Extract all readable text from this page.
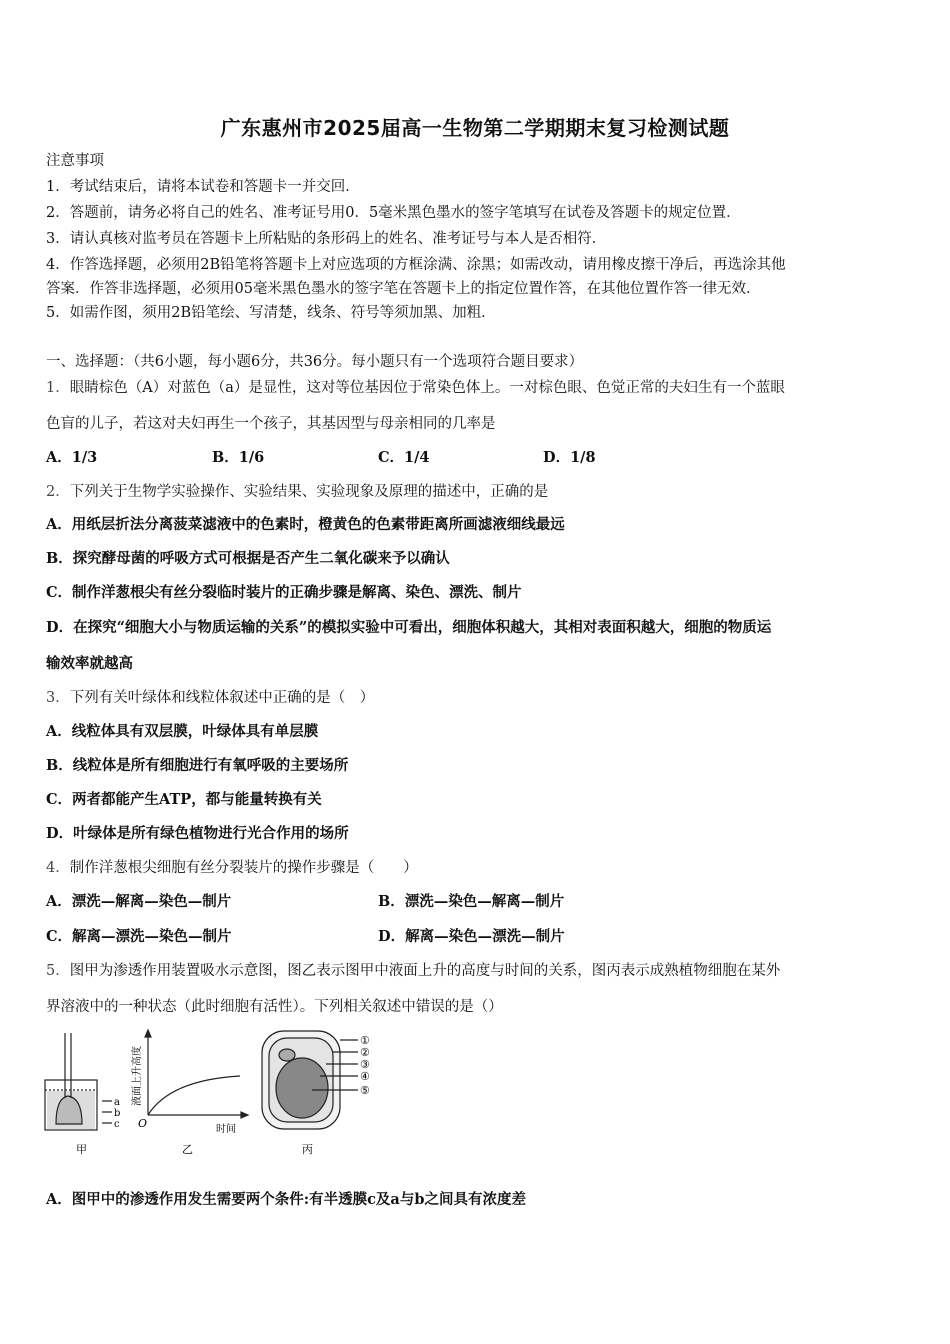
广东惠州市2025届高一生物第二学期期末复习检测试题
注意事项
1．考试结束后，请将本试卷和答题卡一并交回．
2．答题前，请务必将自己的姓名、准考证号用0．5毫米黑色墨水的签字笔填写在试卷及答题卡的规定位置．
3．请认真核对监考员在答题卡上所粘贴的条形码上的姓名、准考证号与本人是否相符．
4．作答选择题，必须用2B铅笔将答题卡上对应选项的方框涂满、涂黑；如需改动，请用橡皮擦干净后，再选涂其他
答案．作答非选择题，必须用05毫米黑色墨水的签字笔在答题卡上的指定位置作答，在其他位置作答一律无效．
5．如需作图，须用2B铅笔绘、写清楚，线条、符号等须加黑、加粗．
一、选择题：（共6小题，每小题6分，共36分。每小题只有一个选项符合题目要求）
1．眼睛棕色（A）对蓝色（a）是显性，这对等位基因位于常染色体上。一对棕色眼、色觉正常的夫妇生有一个蓝眼
色盲的儿子，若这对夫妇再生一个孩子，其基因型与母亲相同的几率是
A．1/3	B．1/6	C．1/4	D．1/8
2．下列关于生物学实验操作、实验结果、实验现象及原理的描述中，正确的是
A．用纸层折法分离菠菜滤液中的色素时，橙黄色的色素带距离所画滤液细线最远
B．探究酵母菌的呼吸方式可根据是否产生二氧化碳来予以确认
C．制作洋葱根尖有丝分裂临时装片的正确步骤是解离、染色、漂洗、制片
D．在探究“细胞大小与物质运输的关系”的模拟实验中可看出，细胞体积越大，其相对表面积越大，细胞的物质运
输效率就越高
3．下列有关叶绿体和线粒体叙述中正确的是（　）
A．线粒体具有双层膜，叶绿体具有单层膜
B．线粒体是所有细胞进行有氧呼吸的主要场所
C．两者都能产生ATP，都与能量转换有关
D．叶绿体是所有绿色植物进行光合作用的场所
4．制作洋葱根尖细胞有丝分裂装片的操作步骤是（　　）
A．漂洗—解离—染色—制片	B．漂洗—染色—解离—制片
C．解离—漂洗—染色—制片	D．解离—染色—漂洗—制片
5．图甲为渗透作用装置吸水示意图，图乙表示图甲中液面上升的高度与时间的关系，图丙表示成熟植物细胞在某外
界溶液中的一种状态（此时细胞有活性）。下列相关叙述中错误的是（）
a
b
c
甲
液面上升高度
O	时间
乙
①
②
③
④
⑤
丙
A．图甲中的渗透作用发生需要两个条件:有半透膜c及a与b之间具有浓度差
